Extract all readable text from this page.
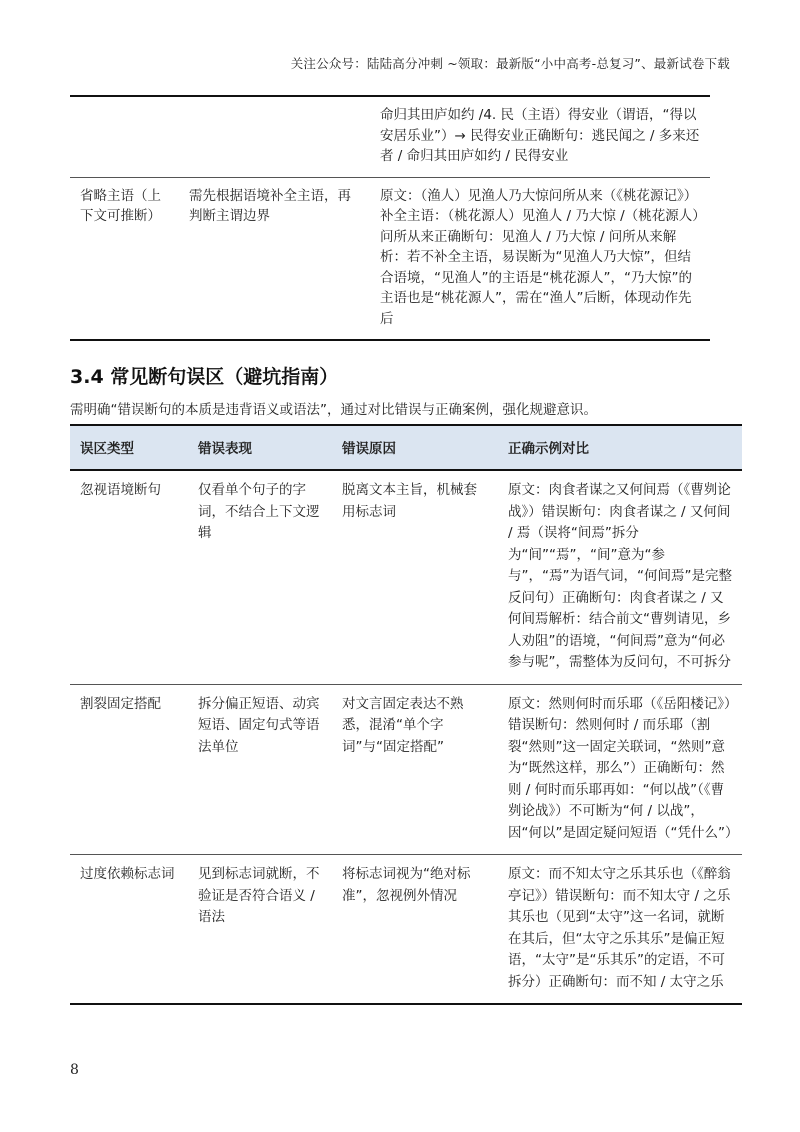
关注公众号：陆陆高分冲刺 ~领取：最新版“小中高考-总复习”、最新试卷下载
		命归其田庐如约 /4. 民（主语）得安业（谓语，“得以安居乐业”）→ 民得安业正确断句：逃民闻之 / 多来还者 / 命归其田庐如约 / 民得安业
省略主语（上下文可推断）	需先根据语境补全主语，再判断主谓边界	原文：（渔人）见渔人乃大惊问所从来（《桃花源记》）补全主语：（桃花源人）见渔人 / 乃大惊 /（桃花源人）问所从来正确断句：见渔人 / 乃大惊 / 问所从来解析：若不补全主语，易误断为“见渔人乃大惊”，但结合语境，“见渔人”的主语是“桃花源人”，“乃大惊”的主语也是“桃花源人”，需在“渔人”后断，体现动作先后
3.4 常见断句误区（避坑指南）
需明确“错误断句的本质是违背语义或语法”，通过对比错误与正确案例，强化规避意识。
误区类型	错误表现	错误原因	正确示例对比
忽视语境断句	仅看单个句子的字词，不结合上下文逻辑	脱离文本主旨，机械套用标志词	原文：肉食者谋之又何间焉（《曹刿论战》）错误断句：肉食者谋之 / 又何间 / 焉（误将“间焉”拆分为“间”“焉”，“间”意为“参与”，“焉”为语气词，“何间焉”是完整反问句）正确断句：肉食者谋之 / 又何间焉解析：结合前文“曹刿请见，乡人劝阻”的语境，“何间焉”意为“何必参与呢”，需整体为反问句，不可拆分
割裂固定搭配	拆分偏正短语、动宾短语、固定句式等语法单位	对文言固定表达不熟悉，混淆“单个字词”与“固定搭配”	原文：然则何时而乐耶（《岳阳楼记》）错误断句：然则何时 / 而乐耶（割裂“然则”这一固定关联词，“然则”意为“既然这样，那么”）正确断句：然则 / 何时而乐耶再如：“何以战”（《曹刿论战》）不可断为“何 / 以战”，因“何以”是固定疑问短语（“凭什么”）
过度依赖标志词	见到标志词就断，不验证是否符合语义 / 语法	将标志词视为“绝对标准”，忽视例外情况	原文：而不知太守之乐其乐也（《醉翁亭记》）错误断句：而不知太守 / 之乐其乐也（见到“太守”这一名词，就断在其后，但“太守之乐其乐”是偏正短语，“太守”是“乐其乐”的定语，不可拆分）正确断句：而不知 / 太守之乐
8
